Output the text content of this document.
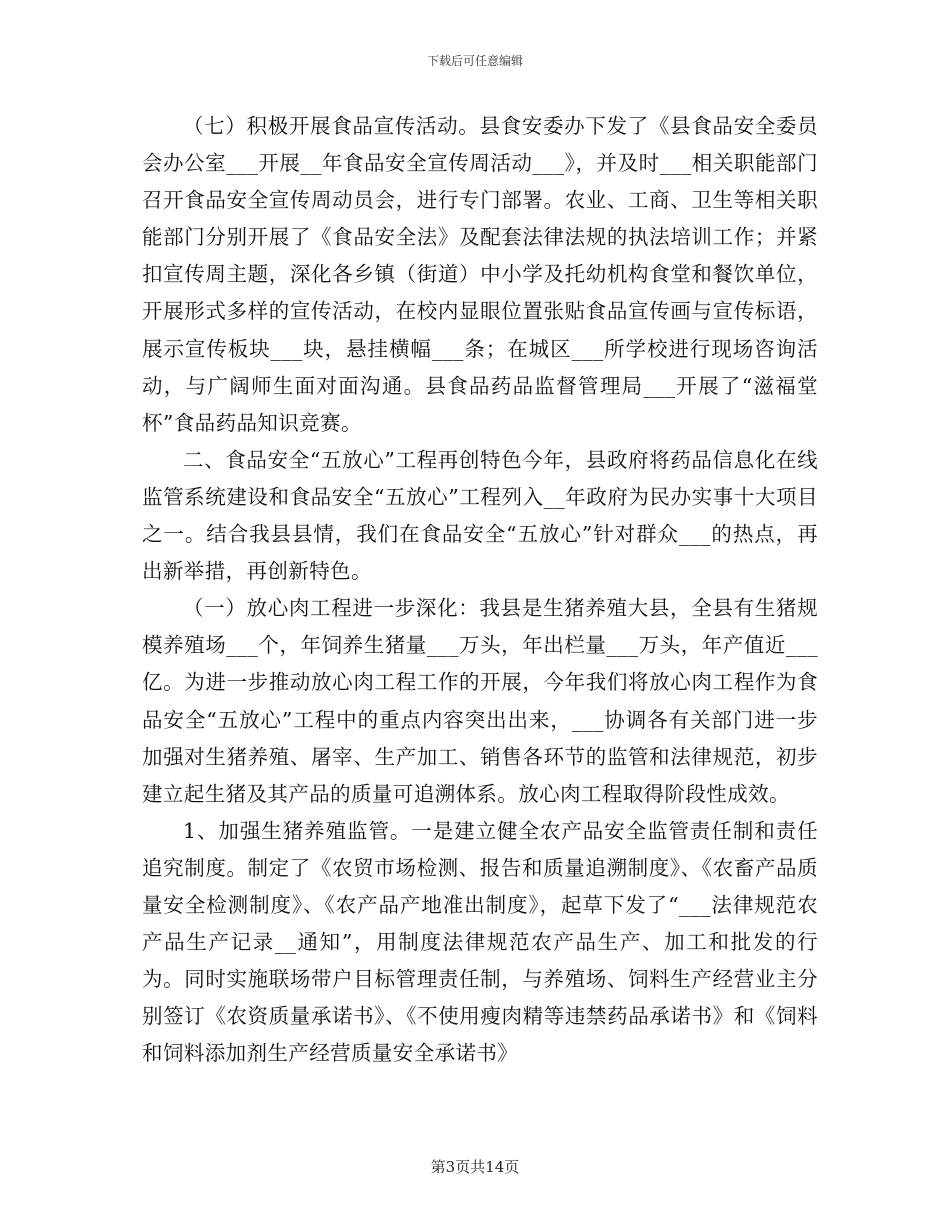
下载后可任意编辑

（七）积极开展食品宣传活动。县食安委办下发了《县食品安全委员会办公室___开展__年食品安全宣传周活动___》，并及时___相关职能部门召开食品安全宣传周动员会，进行专门部署。农业、工商、卫生等相关职能部门分别开展了《食品安全法》及配套法律法规的执法培训工作；并紧扣宣传周主题，深化各乡镇（街道）中小学及托幼机构食堂和餐饮单位，开展形式多样的宣传活动，在校内显眼位置张贴食品宣传画与宣传标语，展示宣传板块___块，悬挂横幅___条；在城区___所学校进行现场咨询活动，与广阔师生面对面沟通。县食品药品监督管理局___开展了“滋福堂杯”食品药品知识竞赛。

二、食品安全“五放心”工程再创特色今年，县政府将药品信息化在线监管系统建设和食品安全“五放心”工程列入__年政府为民办实事十大项目之一。结合我县县情，我们在食品安全“五放心”针对群众___的热点，再出新举措，再创新特色。

（一）放心肉工程进一步深化：我县是生猪养殖大县，全县有生猪规模养殖场___个，年饲养生猪量___万头，年出栏量___万头，年产值近___亿。为进一步推动放心肉工程工作的开展，今年我们将放心肉工程作为食品安全“五放心”工程中的重点内容突出出来，___协调各有关部门进一步加强对生猪养殖、屠宰、生产加工、销售各环节的监管和法律规范，初步建立起生猪及其产品的质量可追溯体系。放心肉工程取得阶段性成效。

1、加强生猪养殖监管。一是建立健全农产品安全监管责任制和责任追究制度。制定了《农贸市场检测、报告和质量追溯制度》、《农畜产品质量安全检测制度》、《农产品产地准出制度》，起草下发了“___法律规范农产品生产记录__通知”，用制度法律规范农产品生产、加工和批发的行为。同时实施联场带户目标管理责任制，与养殖场、饲料生产经营业主分别签订《农资质量承诺书》、《不使用瘦肉精等违禁药品承诺书》和《饲料和饲料添加剂生产经营质量安全承诺书》

第3页共14页
